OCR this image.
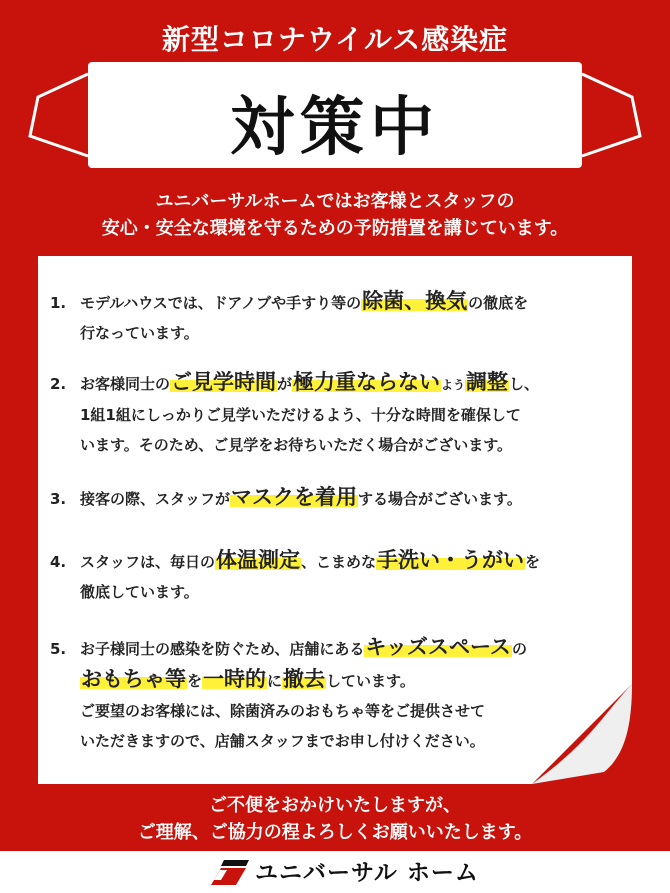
新型コロナウイルス感染症
対策中
ユニバーサルホームではお客様とスタッフの
安心・安全な環境を守るための予防措置を講じています。
1. モデルハウスでは、ドアノブや手すり等の除菌、換気の徹底を
行なっています。
2. お客様同士のご見学時間が極力重ならないよう調整し、
1組1組にしっかりご見学いただけるよう、十分な時間を確保して
います。そのため、ご見学をお待ちいただく場合がございます。
3. 接客の際、スタッフがマスクを着用する場合がございます。
4. スタッフは、毎日の体温測定、こまめな手洗い・うがいを
徹底しています。
5. お子様同士の感染を防ぐため、店舗にあるキッズスペースの
おもちゃ等を一時的に撤去しています。
ご要望のお客様には、除菌済みのおもちゃ等をご提供させて
いただきますので、店舗スタッフまでお申し付けください。
ご不便をおかけいたしますが、
ご理解、ご協力の程よろしくお願いいたします。
ユニバーサル ホーム
